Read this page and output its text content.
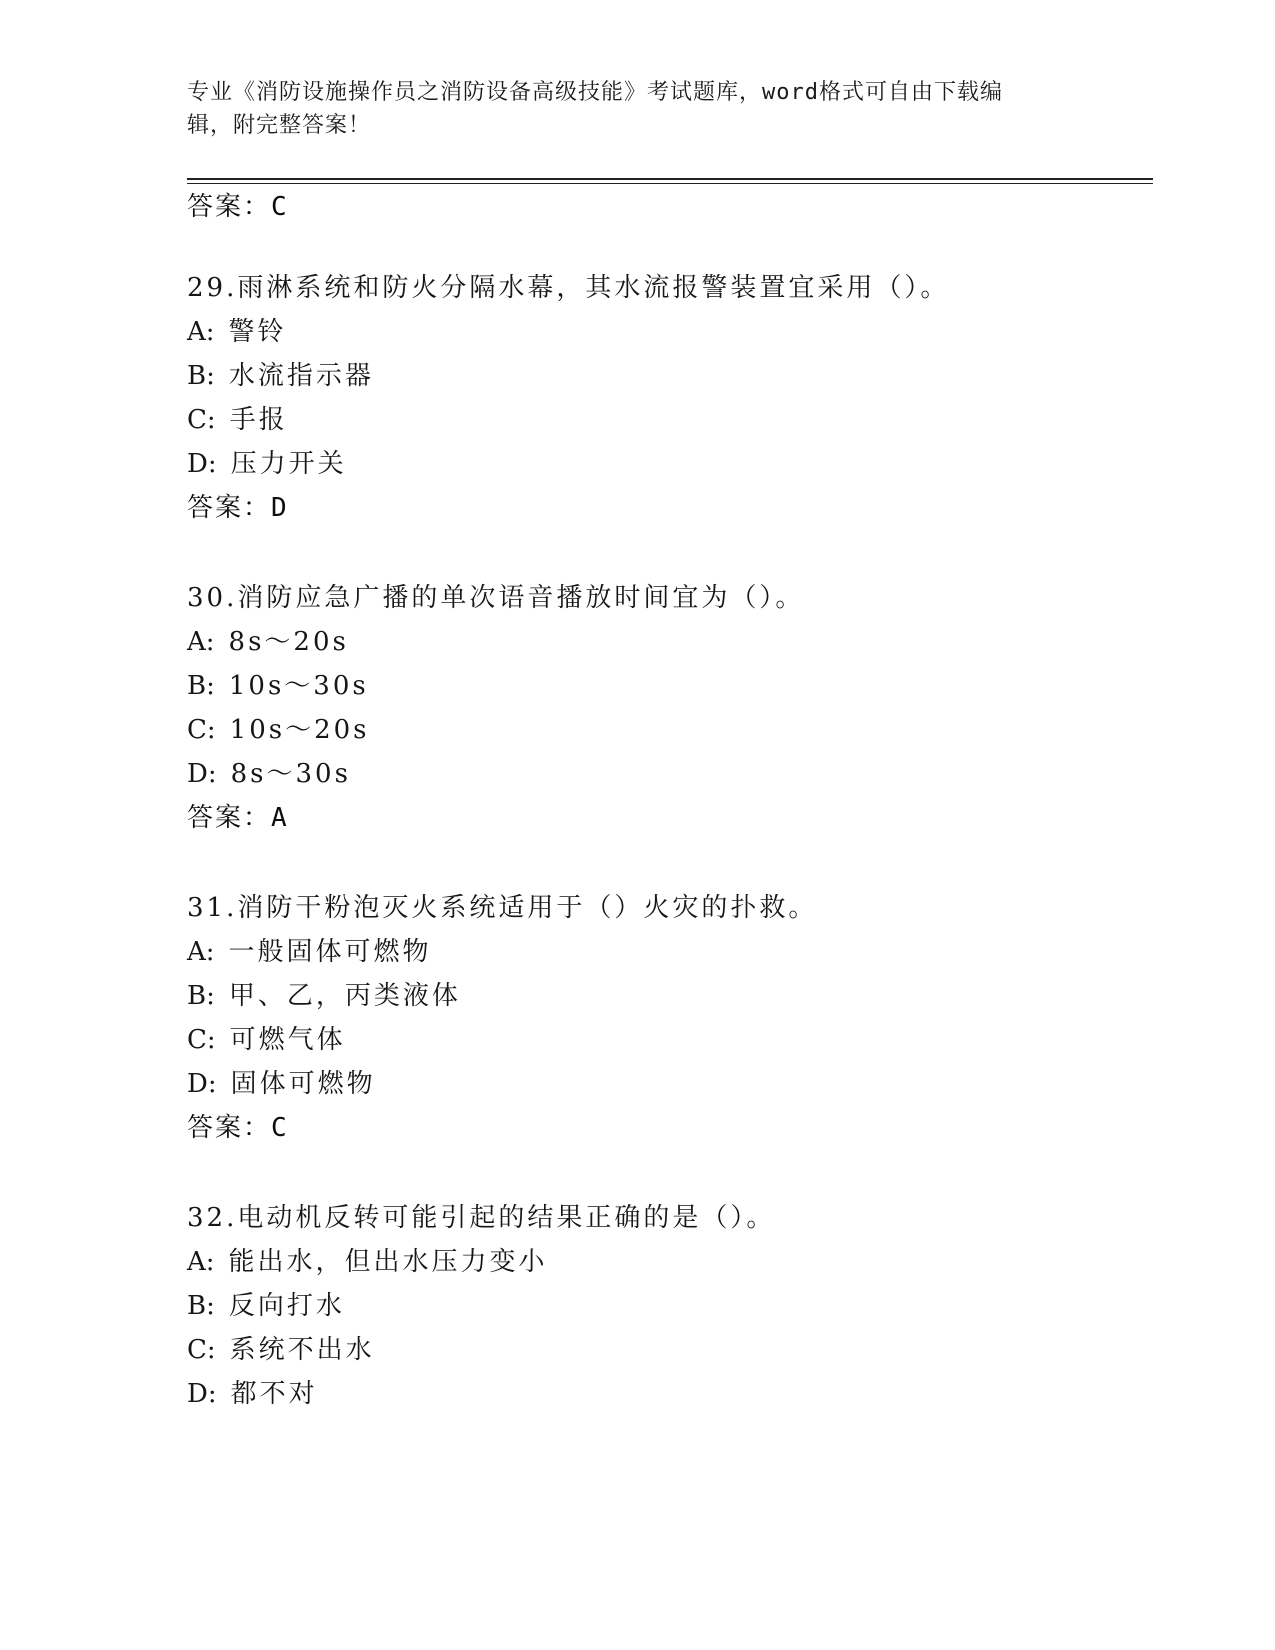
专业《消防设施操作员之消防设备高级技能》考试题库，word格式可自由下载编
辑，附完整答案！
答案：C
29.雨淋系统和防火分隔水幕，其水流报警装置宜采用（）。
A: 警铃
B: 水流指示器
C: 手报
D: 压力开关
答案：D
30.消防应急广播的单次语音播放时间宜为（）。
A: 8s～20s
B: 10s～30s
C: 10s～20s
D: 8s～30s
答案：A
31.消防干粉泡灭火系统适用于（）火灾的扑救。
A: 一般固体可燃物
B: 甲、乙，丙类液体
C: 可燃气体
D: 固体可燃物
答案：C
32.电动机反转可能引起的结果正确的是（）。
A: 能出水，但出水压力变小
B: 反向打水
C: 系统不出水
D: 都不对
